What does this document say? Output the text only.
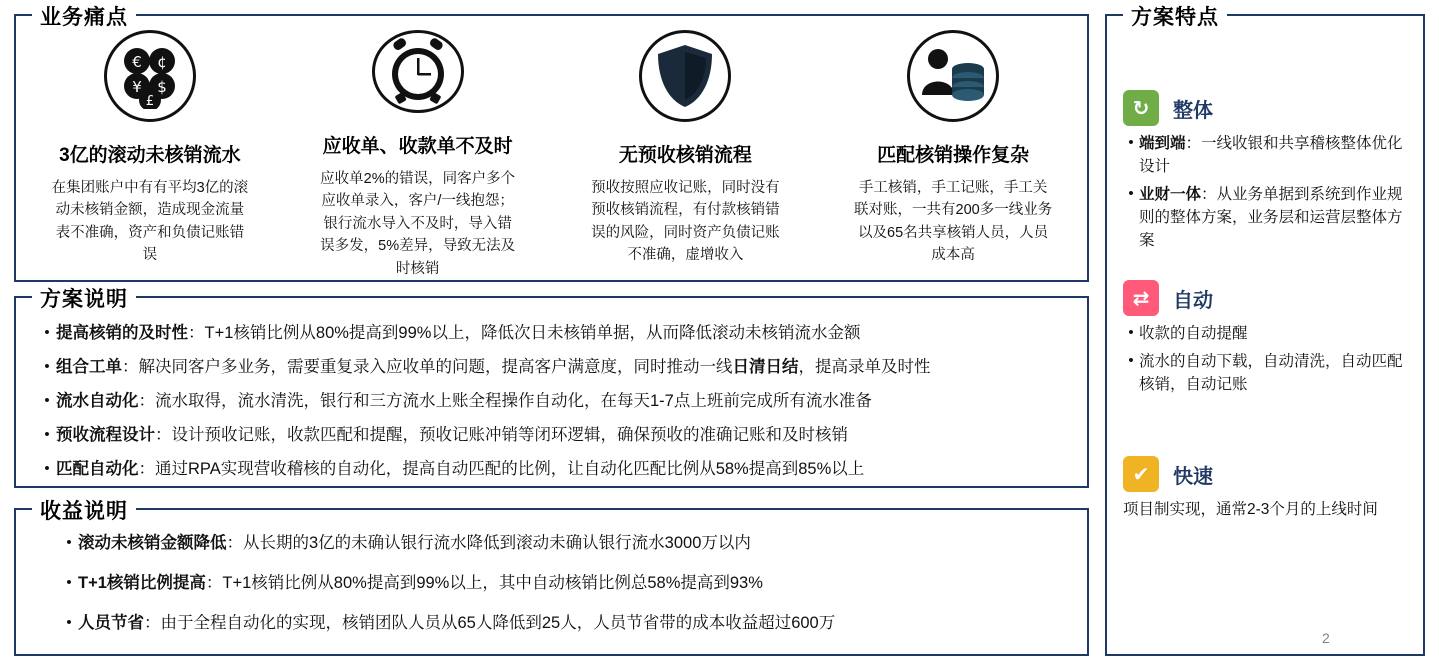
业务痛点
€ ¢
¥ $
£
3亿的滚动未核销流水
在集团账户中有有平均3亿的滚动未核销金额，造成现金流量表不准确，资产和负债记账错误
应收单、收款单不及时
应收单2%的错误，同客户多个应收单录入，客户/一线抱怨；银行流水导入不及时，导入错误多发，5%差异，导致无法及时核销
无预收核销流程
预收按照应收记账，同时没有预收核销流程，有付款核销错误的风险，同时资产负债记账不准确，虚增收入
匹配核销操作复杂
手工核销，手工记账，手工关联对账，一共有200多一线业务以及65名共享核销人员，人员成本高
方案说明
• 提高核销的及时性：T+1核销比例从80%提高到99%以上，降低次日未核销单据，从而降低滚动未核销流水金额
• 组合工单：解决同客户多业务，需要重复录入应收单的问题，提高客户满意度，同时推动一线日清日结，提高录单及时性
• 流水自动化：流水取得，流水清洗，银行和三方流水上账全程操作自动化，在每天1-7点上班前完成所有流水准备
• 预收流程设计：设计预收记账，收款匹配和提醒，预收记账冲销等闭环逻辑，确保预收的准确记账和及时核销
• 匹配自动化：通过RPA实现营收稽核的自动化，提高自动匹配的比例，让自动化匹配比例从58%提高到85%以上
收益说明
• 滚动未核销金额降低：从长期的3亿的未确认银行流水降低到滚动未确认银行流水3000万以内
• T+1核销比例提高：T+1核销比例从80%提高到99%以上，其中自动核销比例总58%提高到93%
• 人员节省：由于全程自动化的实现，核销团队人员从65人降低到25人，人员节省带的成本收益超过600万
方案特点
↻	整体
• 端到端：一线收银和共享稽核整体优化设计
• 业财一体：从业务单据到系统到作业规则的整体方案，业务层和运营层整体方案
⇄	自动
• 收款的自动提醒
• 流水的自动下载，自动清洗，自动匹配核销，自动记账
✔	快速
项目制实现，通常2-3个月的上线时间
2
